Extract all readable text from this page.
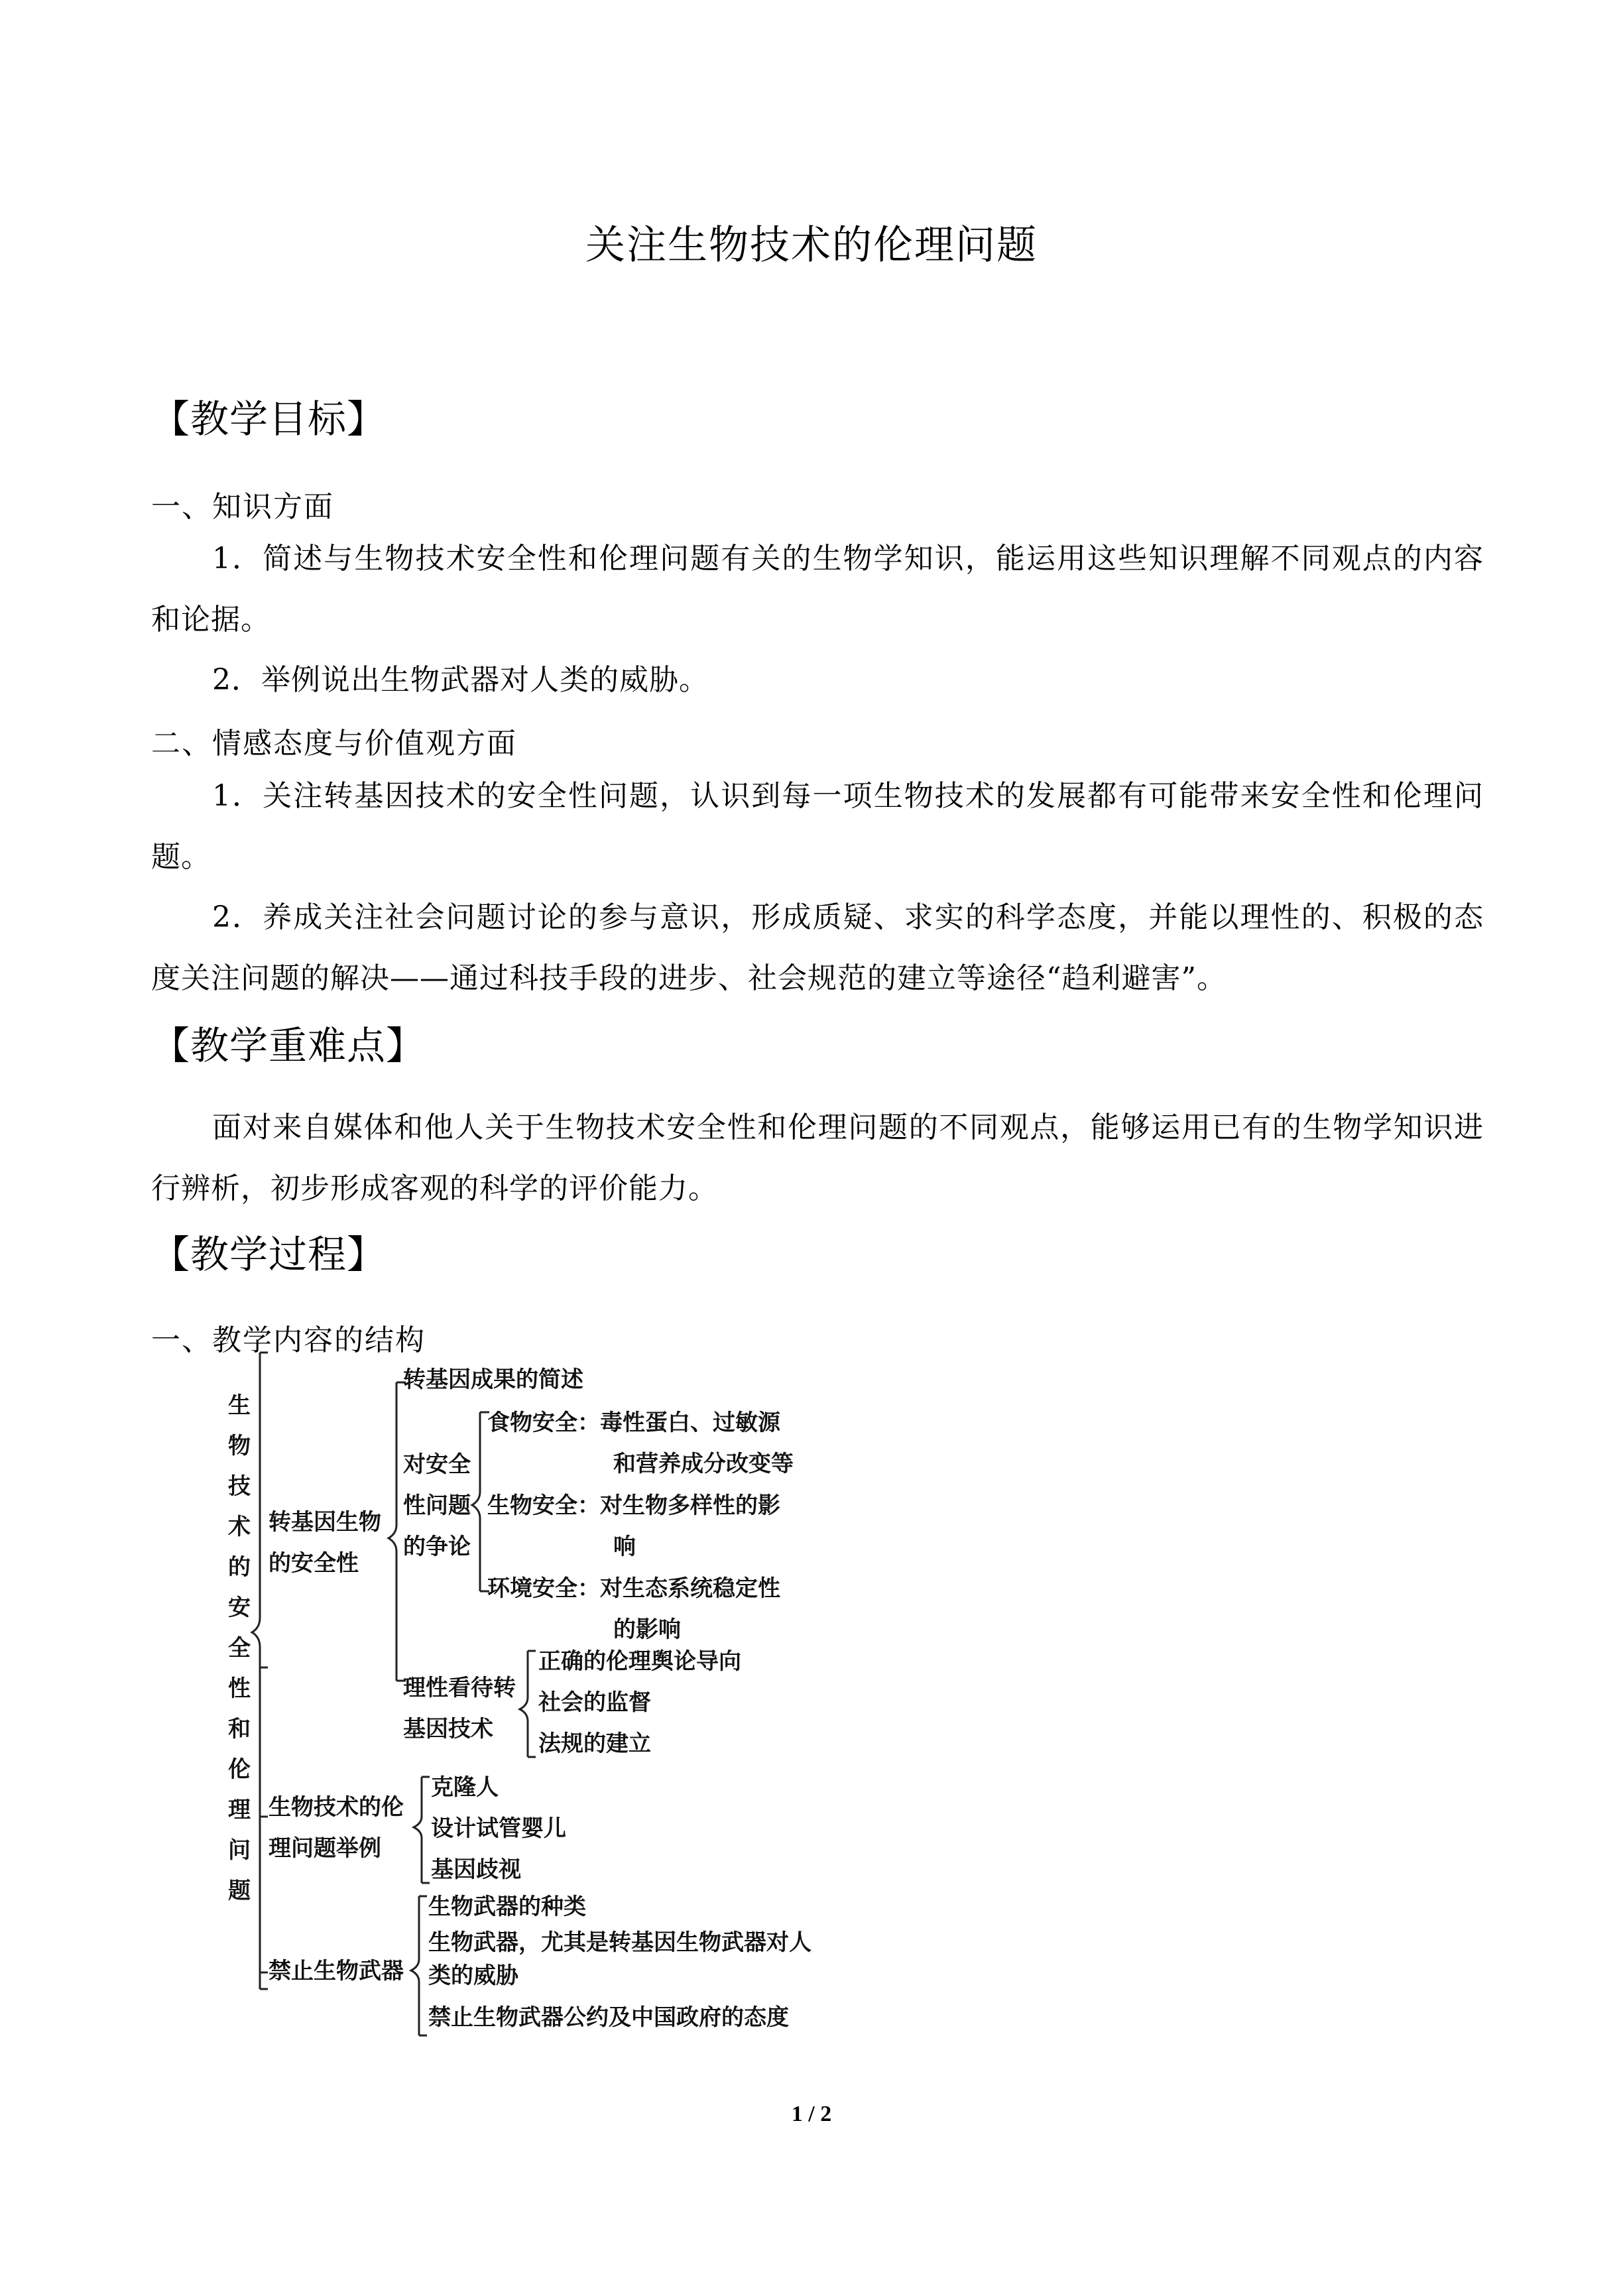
关注生物技术的伦理问题
【教学目标】
一、知识方面
1．简述与生物技术安全性和伦理问题有关的生物学知识，能运用这些知识理解不同观点的内容和论据。
2．举例说出生物武器对人类的威胁。
二、情感态度与价值观方面
1．关注转基因技术的安全性问题，认识到每一项生物技术的发展都有可能带来安全性和伦理问题。
2．养成关注社会问题讨论的参与意识，形成质疑、求实的科学态度，并能以理性的、积极的态度关注问题的解决——通过科技手段的进步、社会规范的建立等途径“趋利避害”。
【教学重难点】
面对来自媒体和他人关于生物技术安全性和伦理问题的不同观点，能够运用已有的生物学知识进行辨析，初步形成客观的科学的评价能力。
【教学过程】
一、教学内容的结构
生物技术的安全性和伦理问题
转基因生物的安全性
转基因成果的简述
对安全性问题的争论
食物安全：毒性蛋白、过敏源
和营养成分改变等
生物安全：对生物多样性的影
响
环境安全：对生态系统稳定性
的影响
理性看待转基因技术
正确的伦理舆论导向
社会的监督
法规的建立
生物技术的伦理问题举例
克隆人
设计试管婴儿
基因歧视
禁止生物武器
生物武器的种类
生物武器，尤其是转基因生物武器对人类的威胁
禁止生物武器公约及中国政府的态度
1 / 2
